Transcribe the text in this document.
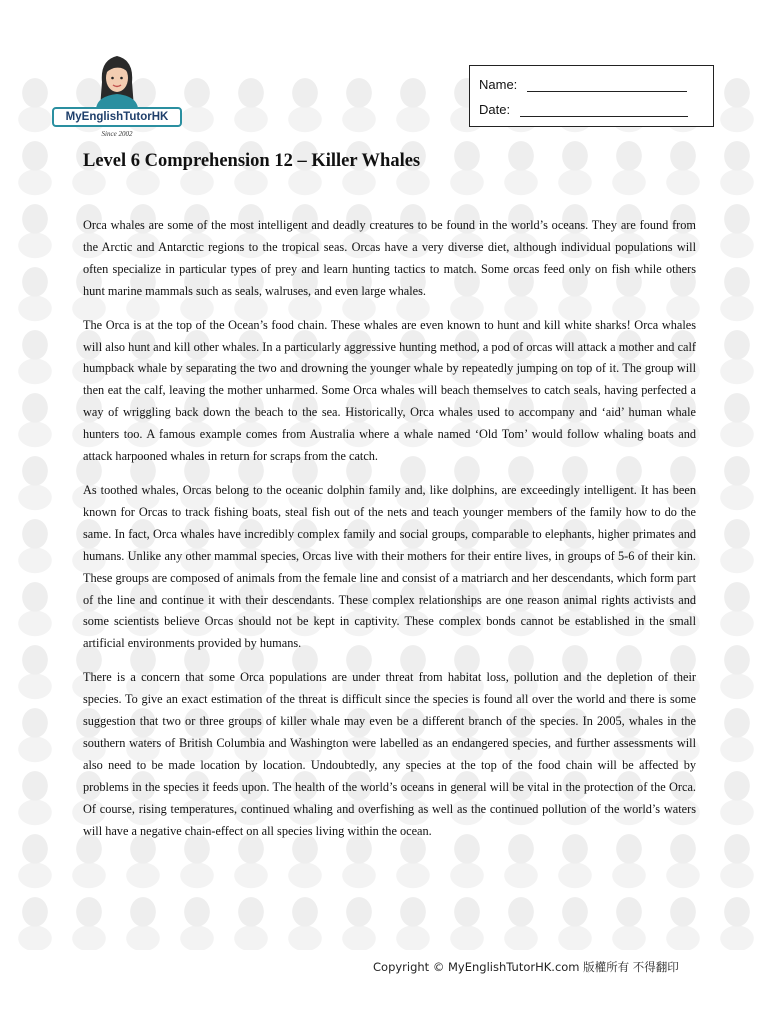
MyEnglishTutorHK
Since 2002
Name:
Date:
Level 6 Comprehension 12 – Killer Whales

Orca whales are some of the most intelligent and deadly creatures to be found in the world’s oceans. They are found from the Arctic and Antarctic regions to the tropical seas. Orcas have a very diverse diet, although individual populations will often specialize in particular types of prey and learn hunting tactics to match. Some orcas feed only on fish while others hunt marine mammals such as seals, walruses, and even large whales.

The Orca is at the top of the Ocean’s food chain. These whales are even known to hunt and kill white sharks! Orca whales will also hunt and kill other whales. In a particularly aggressive hunting method, a pod of orcas will attack a mother and calf humpback whale by separating the two and drowning the younger whale by repeatedly jumping on top of it. The group will then eat the calf, leaving the mother unharmed. Some Orca whales will beach themselves to catch seals, having perfected a way of wriggling back down the beach to the sea. Historically, Orca whales used to accompany and ‘aid’ human whale hunters too. A famous example comes from Australia where a whale named ‘Old Tom’ would follow whaling boats and attack harpooned whales in return for scraps from the catch.

As toothed whales, Orcas belong to the oceanic dolphin family and, like dolphins, are exceedingly intelligent. It has been known for Orcas to track fishing boats, steal fish out of the nets and teach younger members of the family how to do the same. In fact, Orca whales have incredibly complex family and social groups, comparable to elephants, higher primates and humans. Unlike any other mammal species, Orcas live with their mothers for their entire lives, in groups of 5-6 of their kin. These groups are composed of animals from the female line and consist of a matriarch and her descendants, which form part of the line and continue it with their descendants. These complex relationships are one reason animal rights activists and some scientists believe Orcas should not be kept in captivity. These complex bonds cannot be established in the small artificial environments provided by humans.

There is a concern that some Orca populations are under threat from habitat loss, pollution and the depletion of their species. To give an exact estimation of the threat is difficult since the species is found all over the world and there is some suggestion that two or three groups of killer whale may even be a different branch of the species. In 2005, whales in the southern waters of British Columbia and Washington were labelled as an endangered species, and further assessments will also need to be made location by location. Undoubtedly, any species at the top of the food chain will be affected by problems in the species it feeds upon. The health of the world’s oceans in general will be vital in the protection of the Orca. Of course, rising temperatures, continued whaling and overfishing as well as the continued pollution of the world’s waters will have a negative chain-effect on all species living within the ocean.

Copyright © MyEnglishTutorHK.com 版權所有 不得翻印
